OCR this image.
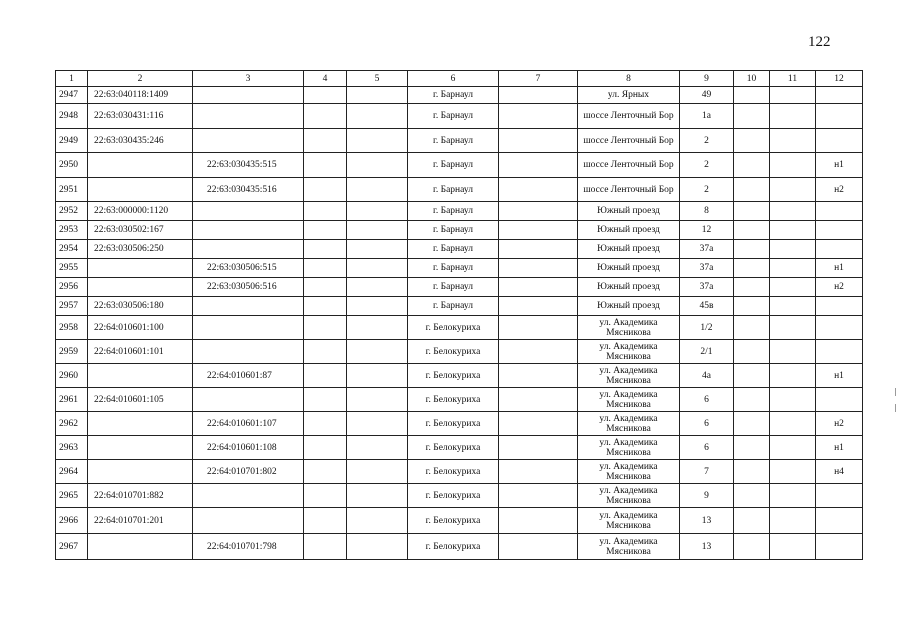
122
1	2	3	4	5	6	7	8	9	10	11	12
2947	22:63:040118:1409				г. Барнаул		ул. Ярных	49			
2948	22:63:030431:116				г. Барнаул		шоссе Ленточный Бор	1а			
2949	22:63:030435:246				г. Барнаул		шоссе Ленточный Бор	2			
2950		22:63:030435:515			г. Барнаул		шоссе Ленточный Бор	2			н1
2951		22:63:030435:516			г. Барнаул		шоссе Ленточный Бор	2			н2
2952	22:63:000000:1120				г. Барнаул		Южный проезд	8			
2953	22:63:030502:167				г. Барнаул		Южный проезд	12			
2954	22:63:030506:250				г. Барнаул		Южный проезд	37а			
2955		22:63:030506:515			г. Барнаул		Южный проезд	37а			н1
2956		22:63:030506:516			г. Барнаул		Южный проезд	37а			н2
2957	22:63:030506:180				г. Барнаул		Южный проезд	45в			
2958	22:64:010601:100				г. Белокуриха		ул. Академика Мясникова	1/2			
2959	22:64:010601:101				г. Белокуриха		ул. Академика Мясникова	2/1			
2960		22:64:010601:87			г. Белокуриха		ул. Академика Мясникова	4а			н1
2961	22:64:010601:105				г. Белокуриха		ул. Академика Мясникова	6			
2962		22:64:010601:107			г. Белокуриха		ул. Академика Мясникова	6			н2
2963		22:64:010601:108			г. Белокуриха		ул. Академика Мясникова	6			н1
2964		22:64:010701:802			г. Белокуриха		ул. Академика Мясникова	7			н4
2965	22:64:010701:882				г. Белокуриха		ул. Академика Мясникова	9			
2966	22:64:010701:201				г. Белокуриха		ул. Академика Мясникова	13			
2967		22:64:010701:798			г. Белокуриха		ул. Академика Мясникова	13			
